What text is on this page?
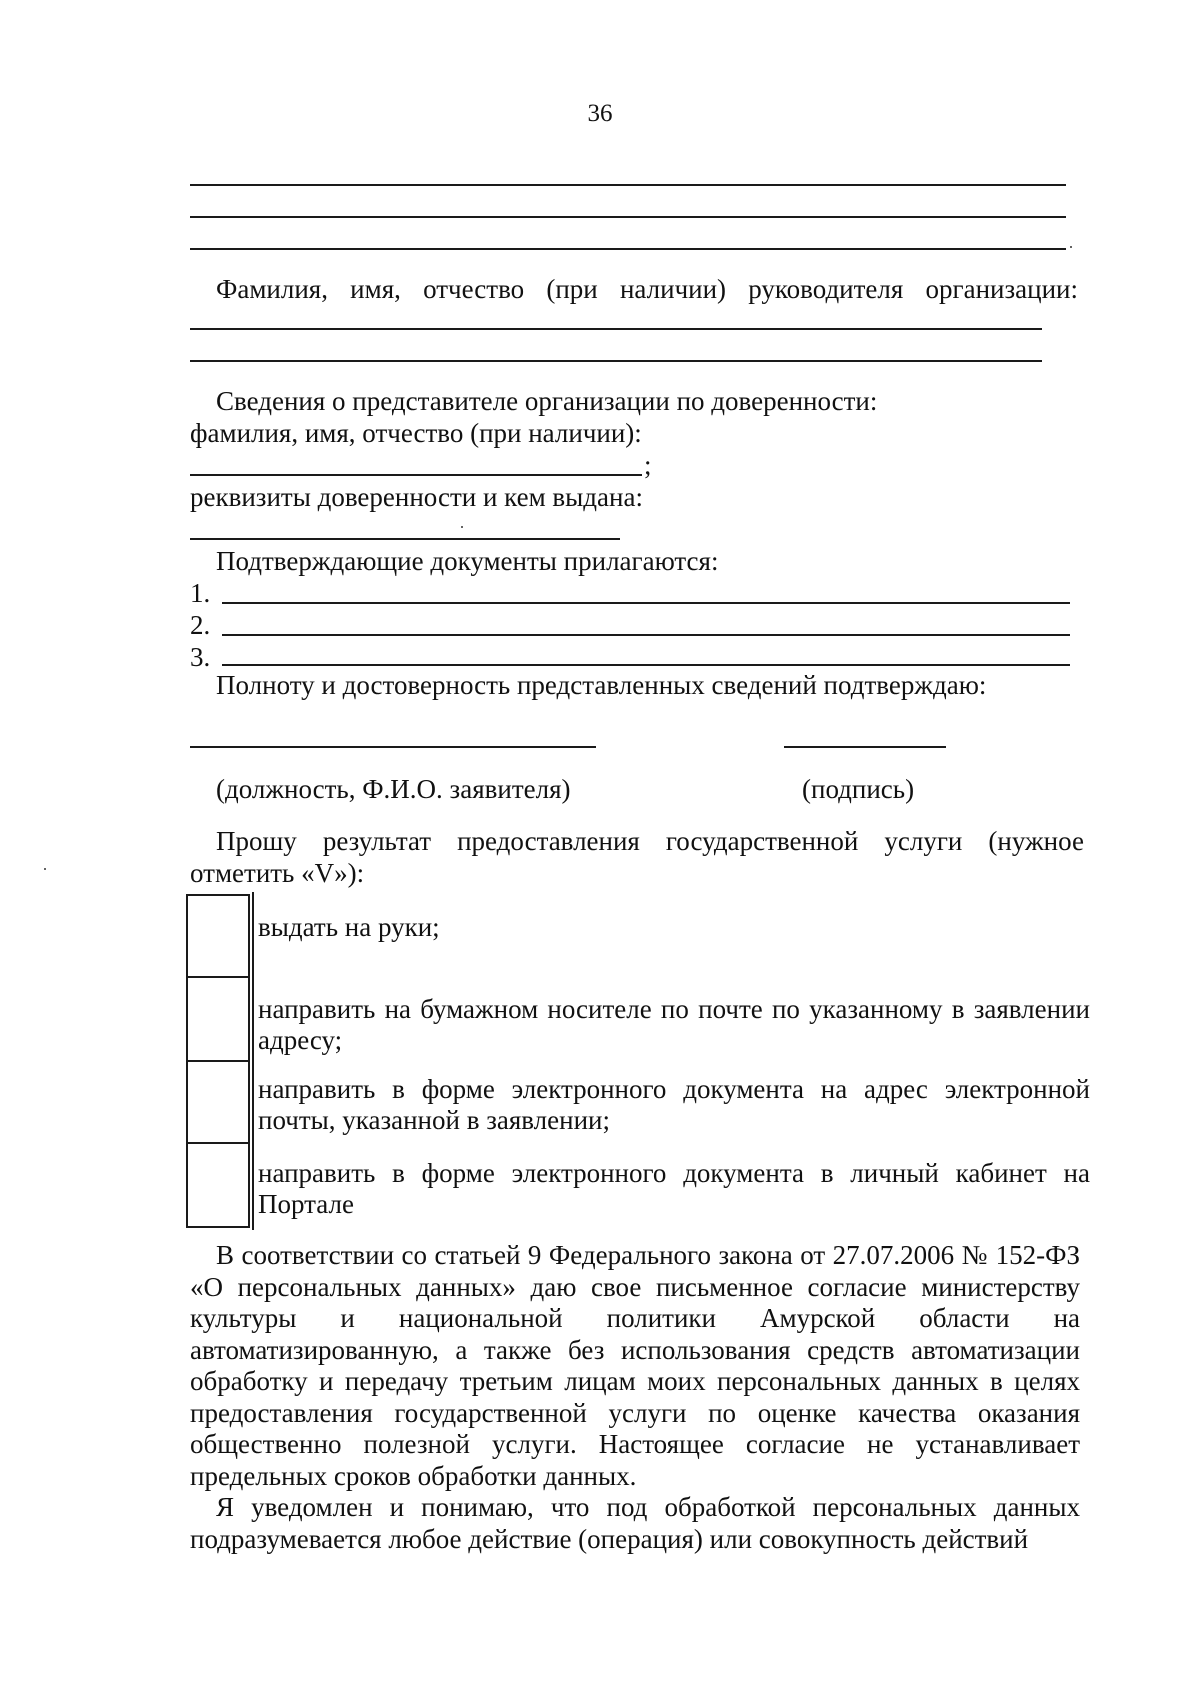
36
Фамилия, имя, отчество (при наличии) руководителя организации:
Сведения о представителе организации по доверенности:
фамилия, имя, отчество (при наличии):
;
реквизиты доверенности и кем выдана:
Подтверждающие документы прилагаются:
1.
2.
3.
Полноту и достоверность представленных сведений подтверждаю:
(должность, Ф.И.О. заявителя)	(подпись)
Прошу результат предоставления государственной услуги (нужное
отметить «V»):
выдать на руки;
направить на бумажном носителе по почте по указанному в заявлении адресу;
направить в форме электронного документа на адрес электронной почты, указанной в заявлении;
направить в форме электронного документа в личный кабинет на Порталe
В соответствии со статьей 9 Федерального закона от 27.07.2006 № 152-ФЗ «О персональных данных» даю свое письменное согласие министерству культуры и национальной политики Амурской области на автоматизированную, а также без использования средств автоматизации обработку и передачу третьим лицам моих персональных данных в целях предоставления государственной услуги по оценке качества оказания общественно полезной услуги. Настоящее согласие не устанавливает предельных сроков обработки данных.
Я уведомлен и понимаю, что под обработкой персональных данных подразумевается любое действие (операция) или совокупность действий
